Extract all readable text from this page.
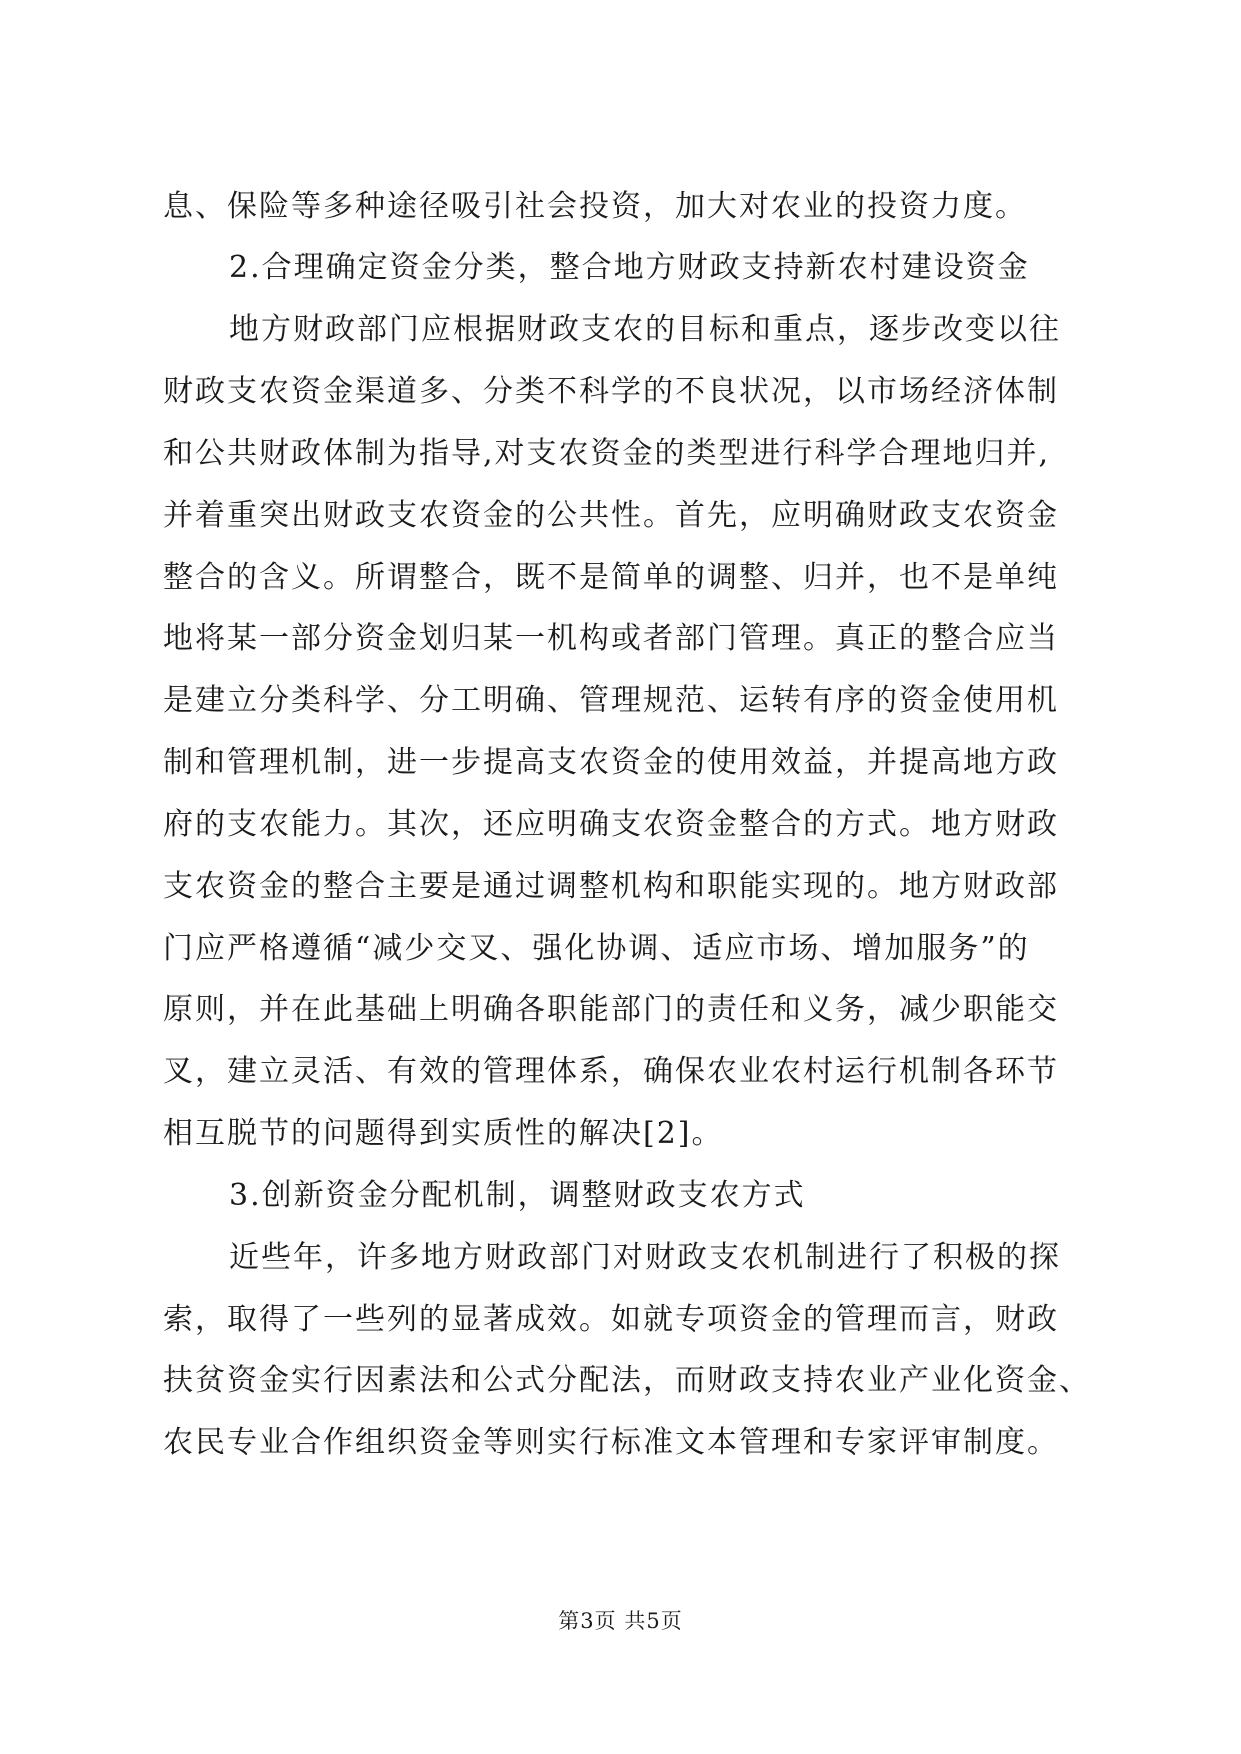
息、保险等多种途径吸引社会投资，加大对农业的投资力度。
2.合理确定资金分类，整合地方财政支持新农村建设资金
地方财政部门应根据财政支农的目标和重点，逐步改变以往
财政支农资金渠道多、分类不科学的不良状况，以市场经济体制
和公共财政体制为指导,对支农资金的类型进行科学合理地归并,
并着重突出财政支农资金的公共性。首先，应明确财政支农资金
整合的含义。所谓整合，既不是简单的调整、归并，也不是单纯
地将某一部分资金划归某一机构或者部门管理。真正的整合应当
是建立分类科学、分工明确、管理规范、运转有序的资金使用机
制和管理机制，进一步提高支农资金的使用效益，并提高地方政
府的支农能力。其次，还应明确支农资金整合的方式。地方财政
支农资金的整合主要是通过调整机构和职能实现的。地方财政部
门应严格遵循“减少交叉、强化协调、适应市场、增加服务”的
原则，并在此基础上明确各职能部门的责任和义务，减少职能交
叉，建立灵活、有效的管理体系，确保农业农村运行机制各环节
相互脱节的问题得到实质性的解决[2]。
3.创新资金分配机制，调整财政支农方式
近些年，许多地方财政部门对财政支农机制进行了积极的探
索，取得了一些列的显著成效。如就专项资金的管理而言，财政
扶贫资金实行因素法和公式分配法，而财政支持农业产业化资金、
农民专业合作组织资金等则实行标准文本管理和专家评审制度。
第3页 共5页
